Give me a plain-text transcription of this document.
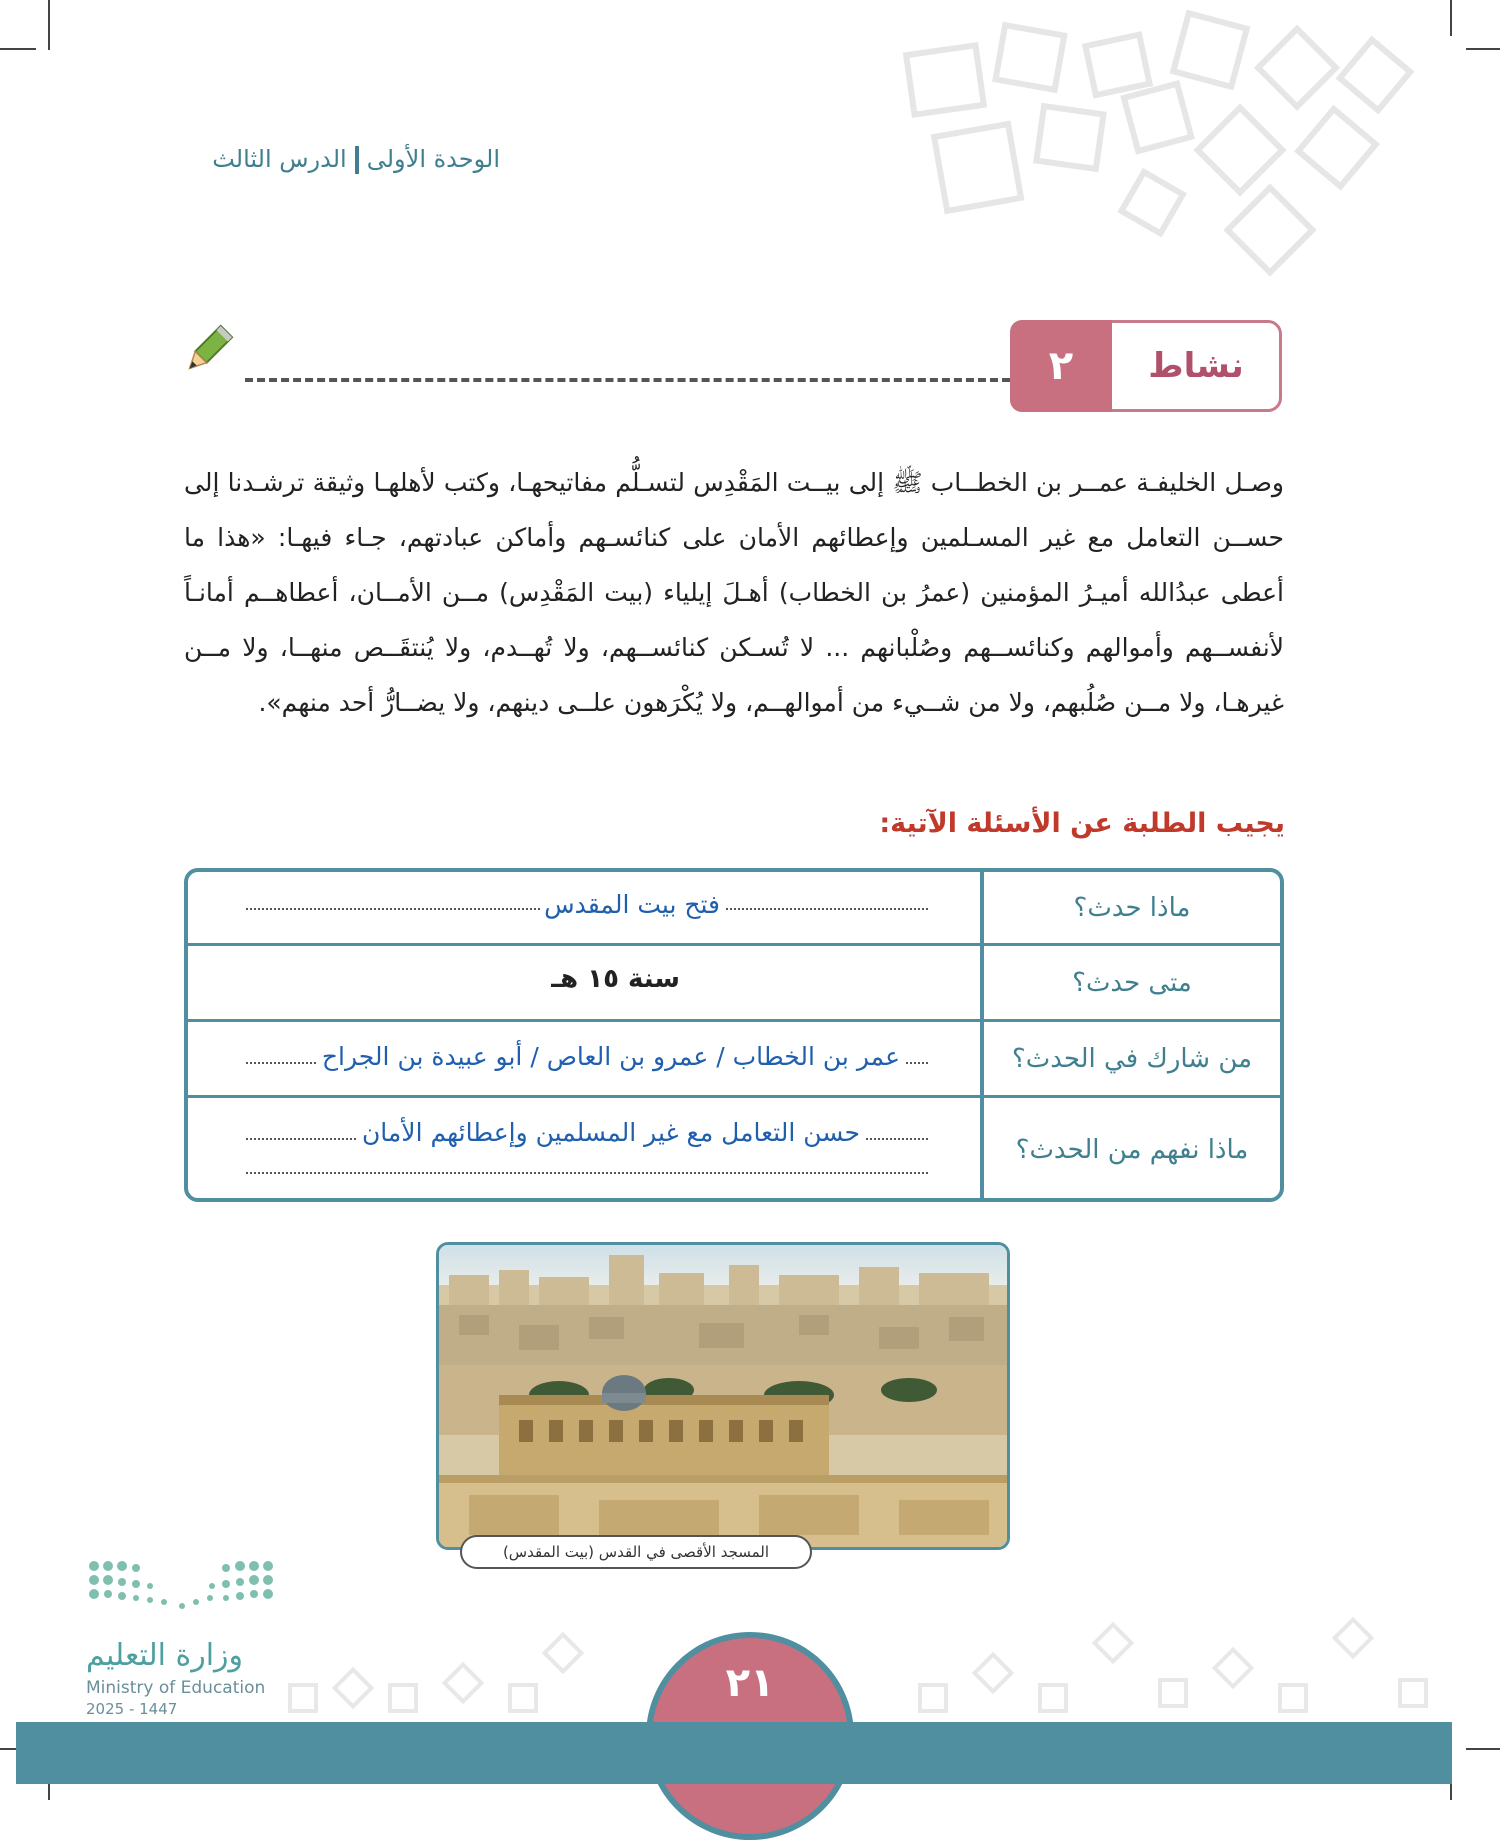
الوحدة الأولىالدرس الثالث
٢	نشاط
وصـل الخليفـة عمــر بن الخطــاب ﷺ إلى بيــت المَقْدِس لتسـلُّم مفاتيحهـا، وكتب لأهلهـا وثيقة ترشـدنا إلى حســن التعامل مع غير المسـلمين وإعطائهم الأمان على كنائسـهم وأماكن عبادتهم، جـاء فيهـا: «هذا ما أعطى عبدُالله أميـرُ المؤمنين (عمرُ بن الخطاب) أهـلَ إيلياء (بيت المَقْدِس) مــن الأمــان، أعطاهــم أمانـاً لأنفســهم وأموالهم وكنائســهم وصُلْبانهم ... لا تُسـكن كنائســهم، ولا تُهــدم، ولا يُنتقَــص منهــا، ولا مــن غيرهـا، ولا مــن صُلُبهم، ولا من شــيء من أموالهــم، ولا يُكْرَهون علــى دينهم، ولا يضــارُّ أحد منهم».
يجيب الطلبة عن الأسئلة الآتية:
ماذا حدث؟
فتح بيت المقدس
متى حدث؟
سنة ١٥ هـ
من شارك في الحدث؟
عمر بن الخطاب / عمرو بن العاص / أبو عبيدة بن الجراح
ماذا نفهم من الحدث؟
حسن التعامل مع غير المسلمين وإعطائهم الأمان
المسجد الأقصى في القدس (بيت المقدس)
وزارة التعليم
Ministry of Education
2025 - 1447
٢١
